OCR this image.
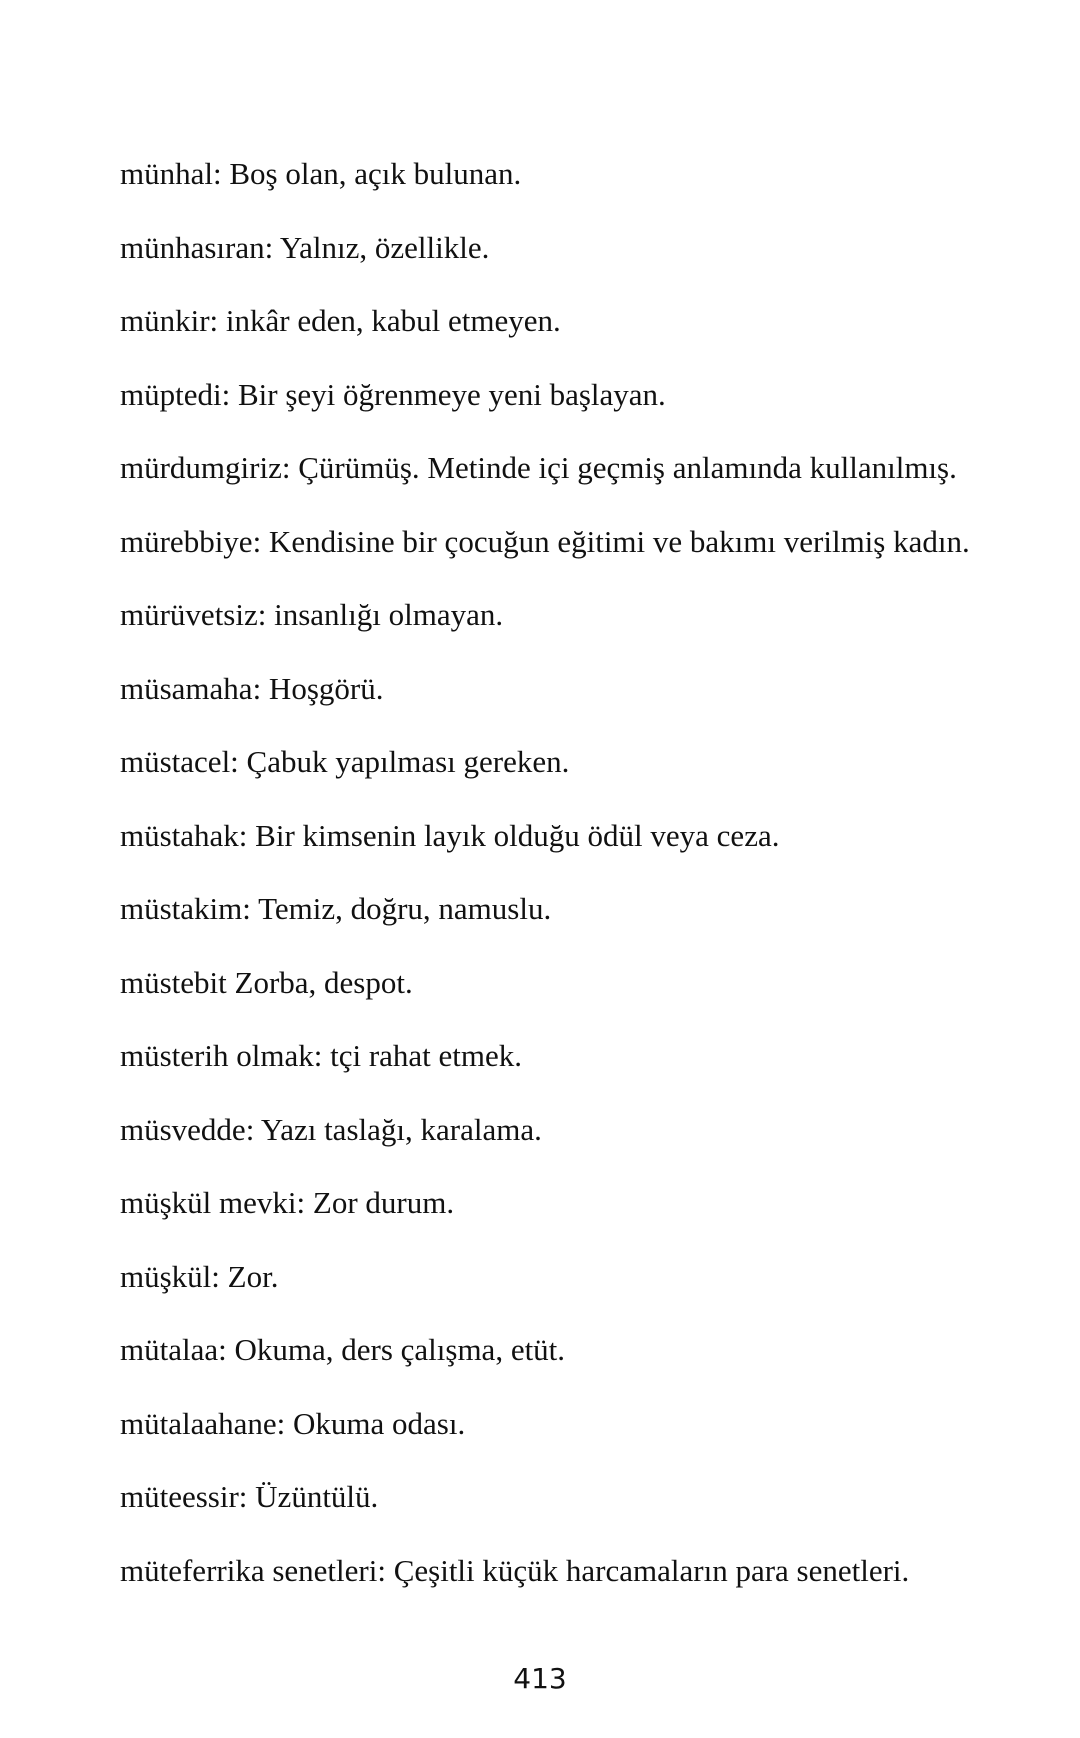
münhal: Boş olan, açık bulunan.
münhasıran: Yalnız, özellikle.
münkir: inkâr eden, kabul etmeyen.
müptedi: Bir şeyi öğrenmeye yeni başlayan.
mürdumgiriz: Çürümüş. Metinde içi geçmiş anlamında kullanılmış.
mürebbiye: Kendisine bir çocuğun eğitimi ve bakımı verilmiş kadın.
mürüvetsiz: insanlığı olmayan.
müsamaha: Hoşgörü.
müstacel: Çabuk yapılması gereken.
müstahak: Bir kimsenin layık olduğu ödül veya ceza.
müstakim: Temiz, doğru, namuslu.
müstebit Zorba, despot.
müsterih olmak: tçi rahat etmek.
müsvedde: Yazı taslağı, karalama.
müşkül mevki: Zor durum.
müşkül: Zor.
mütalaa: Okuma, ders çalışma, etüt.
mütalaahane: Okuma odası.
müteessir: Üzüntülü.
müteferrika senetleri: Çeşitli küçük harcamaların para senetleri.
413
